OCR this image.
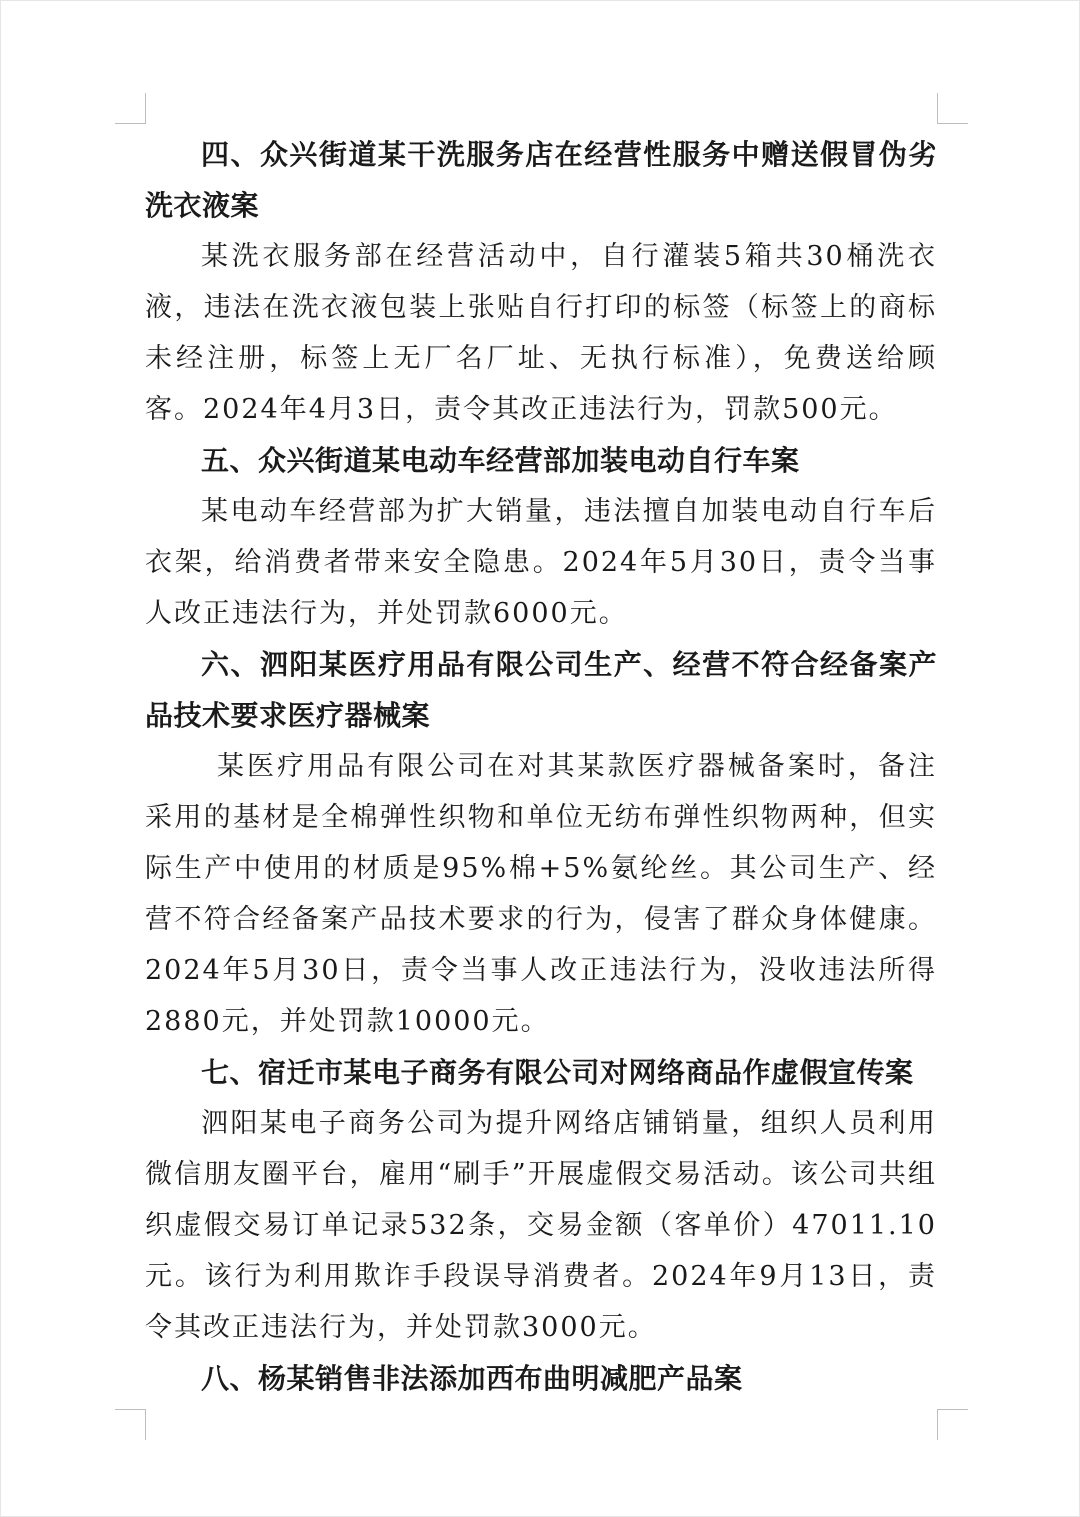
四、众兴街道某干洗服务店在经营性服务中赠送假冒伪劣洗衣液案

某洗衣服务部在经营活动中，自行灌装5箱共30桶洗衣液，违法在洗衣液包装上张贴自行打印的标签（标签上的商标未经注册，标签上无厂名厂址、无执行标准），免费送给顾客。2024年4月3日，责令其改正违法行为，罚款500元。

五、众兴街道某电动车经营部加装电动自行车案

某电动车经营部为扩大销量，违法擅自加装电动自行车后衣架，给消费者带来安全隐患。2024年5月30日，责令当事人改正违法行为，并处罚款6000元。

六、泗阳某医疗用品有限公司生产、经营不符合经备案产品技术要求医疗器械案

某医疗用品有限公司在对其某款医疗器械备案时，备注采用的基材是全棉弹性织物和单位无纺布弹性织物两种，但实际生产中使用的材质是95%棉+5%氨纶丝。其公司生产、经营不符合经备案产品技术要求的行为，侵害了群众身体健康。2024年5月30日，责令当事人改正违法行为，没收违法所得2880元，并处罚款10000元。

七、宿迁市某电子商务有限公司对网络商品作虚假宣传案

泗阳某电子商务公司为提升网络店铺销量，组织人员利用微信朋友圈平台，雇用“刷手”开展虚假交易活动。该公司共组织虚假交易订单记录532条，交易金额（客单价）47011.10元。该行为利用欺诈手段误导消费者。2024年9月13日，责令其改正违法行为，并处罚款3000元。

八、杨某销售非法添加西布曲明减肥产品案
